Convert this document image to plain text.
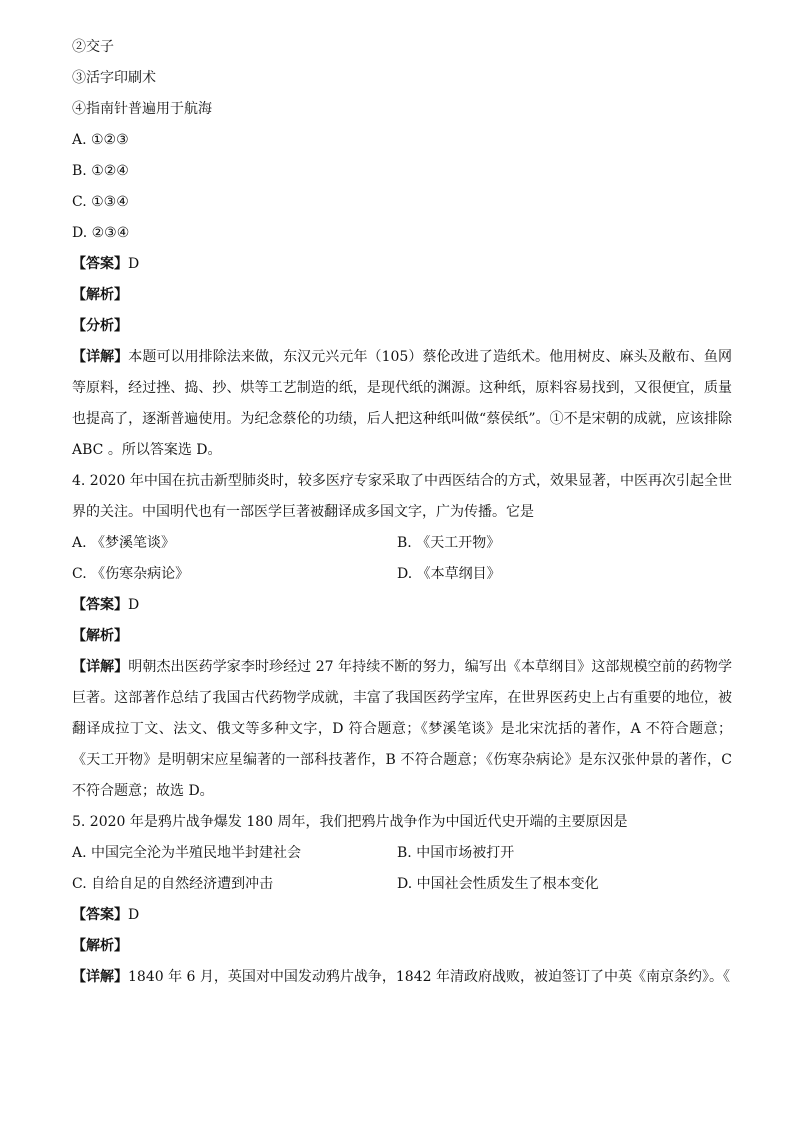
②交子

③活字印刷术

④指南针普遍用于航海

A. ①②③

B. ①②④

C. ①③④

D. ②③④

【答案】D

【解析】

【分析】

【详解】本题可以用排除法来做，东汉元兴元年（105）蔡伦改进了造纸术。他用树皮、麻头及敝布、鱼网等原料，经过挫、捣、抄、烘等工艺制造的纸，是现代纸的渊源。这种纸，原料容易找到，又很便宜，质量也提高了，逐渐普遍使用。为纪念蔡伦的功绩，后人把这种纸叫做“蔡侯纸”。①不是宋朝的成就，应该排除 ABC 。所以答案选 D。

4. 2020 年中国在抗击新型肺炎时，较多医疗专家采取了中西医结合的方式，效果显著，中医再次引起全世界的关注。中国明代也有一部医学巨著被翻译成多国文字，广为传播。它是

A. 《梦溪笔谈》	B. 《天工开物》
C. 《伤寒杂病论》	D. 《本草纲目》

【答案】D

【解析】

【详解】明朝杰出医药学家李时珍经过 27 年持续不断的努力，编写出《本草纲目》这部规模空前的药物学巨著。这部著作总结了我国古代药物学成就，丰富了我国医药学宝库，在世界医药史上占有重要的地位，被翻译成拉丁文、法文、俄文等多种文字，D 符合题意；《梦溪笔谈》是北宋沈括的著作，A 不符合题意；《天工开物》是明朝宋应星编著的一部科技著作，B 不符合题意；《伤寒杂病论》是东汉张仲景的著作，C 不符合题意；故选 D。

5. 2020 年是鸦片战争爆发 180 周年，我们把鸦片战争作为中国近代史开端的主要原因是

A. 中国完全沦为半殖民地半封建社会	B. 中国市场被打开
C. 自给自足的自然经济遭到冲击	D. 中国社会性质发生了根本变化

【答案】D

【解析】

【详解】1840 年 6 月，英国对中国发动鸦片战争，1842 年清政府战败，被迫签订了中英《南京条约》。《
